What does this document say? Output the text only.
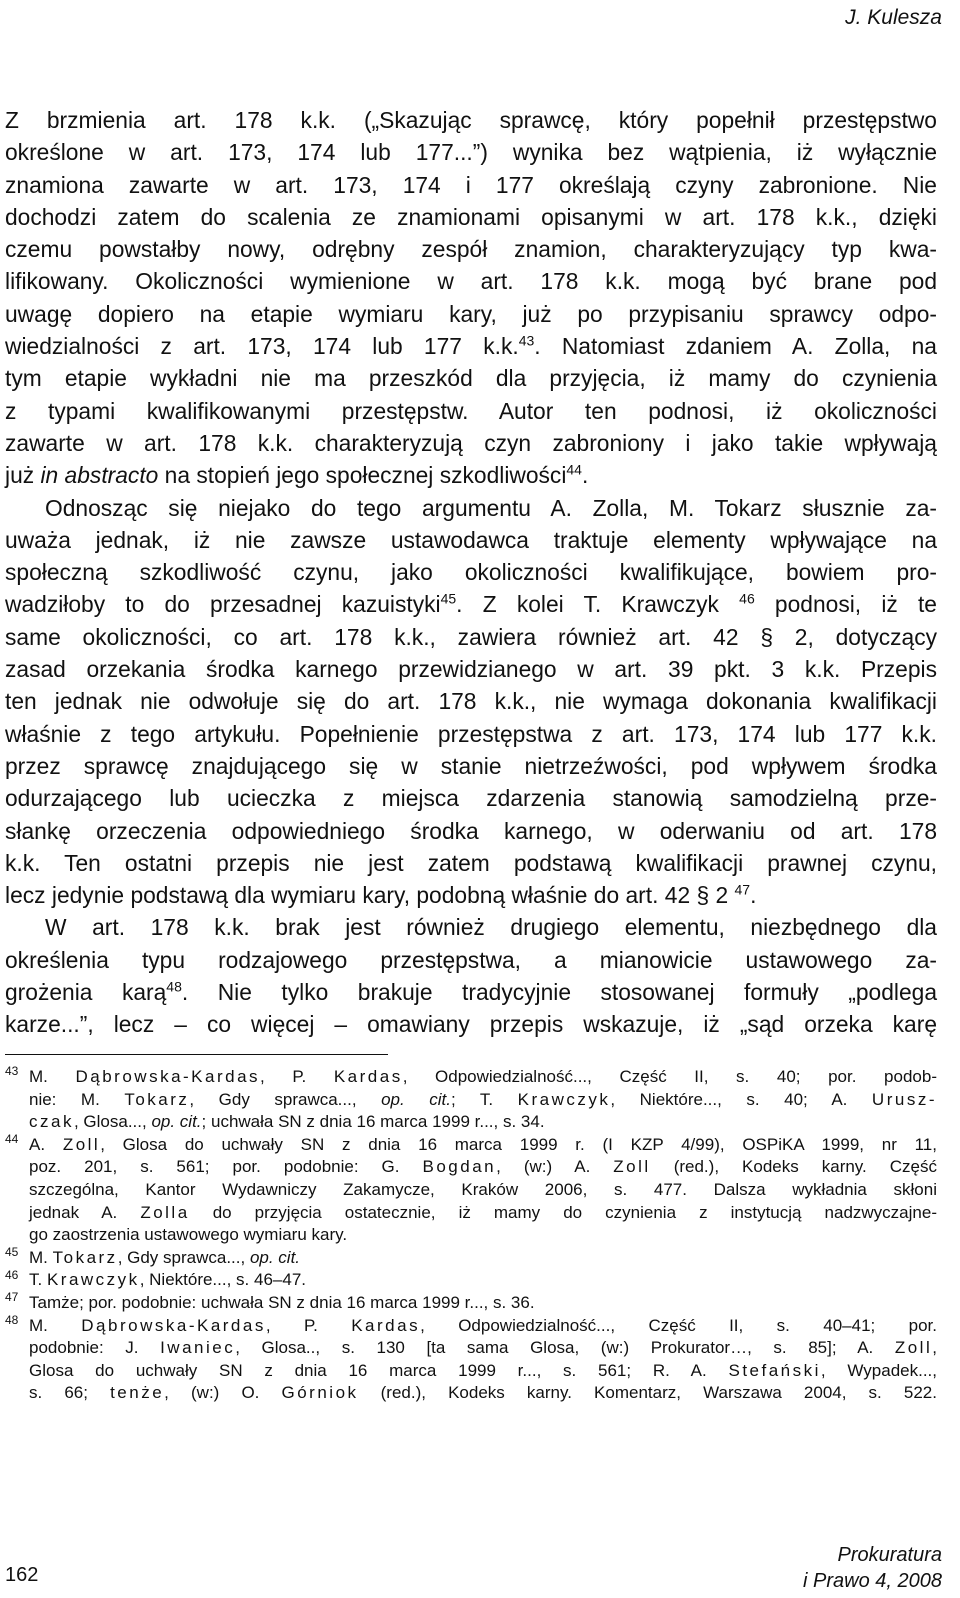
J. Kulesza
Z brzmienia art. 178 k.k. („Skazując sprawcę, który popełnił przestępstwo
określone w art. 173, 174 lub 177...”) wynika bez wątpienia, iż wyłącznie
znamiona zawarte w art. 173, 174 i 177 określają czyny zabronione. Nie
dochodzi zatem do scalenia ze znamionami opisanymi w art. 178 k.k., dzięki
czemu powstałby nowy, odrębny zespół znamion, charakteryzujący typ kwa-
lifikowany. Okoliczności wymienione w art. 178 k.k. mogą być brane pod
uwagę dopiero na etapie wymiaru kary, już po przypisaniu sprawcy odpo-
wiedzialności z art. 173, 174 lub 177 k.k.$^{43}$. Natomiast zdaniem A. Zolla, na
tym etapie wykładni nie ma przeszkód dla przyjęcia, iż mamy do czynienia
z typami kwalifikowanymi przestępstw. Autor ten podnosi, iż okoliczności
zawarte w art. 178 k.k. charakteryzują czyn zabroniony i jako takie wpływają
już in abstracto na stopień jego społecznej szkodliwości$^{44}$.
Odnosząc się niejako do tego argumentu A. Zolla, M. Tokarz słusznie za-
uważa jednak, iż nie zawsze ustawodawca traktuje elementy wpływające na
społeczną szkodliwość czynu, jako okoliczności kwalifikujące, bowiem pro-
wadziłoby to do przesadnej kazuistyki$^{45}$. Z kolei T. Krawczyk $^{46}$ podnosi, iż te
same okoliczności, co art. 178 k.k., zawiera również art. 42 § 2, dotyczący
zasad orzekania środka karnego przewidzianego w art. 39 pkt. 3 k.k. Przepis
ten jednak nie odwołuje się do art. 178 k.k., nie wymaga dokonania kwalifikacji
właśnie z tego artykułu. Popełnienie przestępstwa z art. 173, 174 lub 177 k.k.
przez sprawcę znajdującego się w stanie nietrzeźwości, pod wpływem środka
odurzającego lub ucieczka z miejsca zdarzenia stanowią samodzielną prze-
słankę orzeczenia odpowiedniego środka karnego, w oderwaniu od art. 178
k.k. Ten ostatni przepis nie jest zatem podstawą kwalifikacji prawnej czynu,
lecz jedynie podstawą dla wymiaru kary, podobną właśnie do art. 42 § 2 $^{47}$.
W art. 178 k.k. brak jest również drugiego elementu, niezbędnego dla
określenia typu rodzajowego przestępstwa, a mianowicie ustawowego za-
grożenia karą$^{48}$. Nie tylko brakuje tradycyjnie stosowanej formuły „podlega
karze...”, lecz – co więcej – omawiany przepis wskazuje, iż „sąd orzeka karę
43 M. Dąbrowska-Kardas, P. Kardas, Odpowiedzialność..., Część II, s. 40; por. podob-
nie: M. Tokarz, Gdy sprawca..., op. cit.; T. Krawczyk, Niektóre..., s. 40; A. Urusz-
czak, Glosa..., op. cit.; uchwała SN z dnia 16 marca 1999 r..., s. 34.
44 A. Zoll, Glosa do uchwały SN z dnia 16 marca 1999 r. (I KZP 4/99), OSPiKA 1999, nr 11,
poz. 201, s. 561; por. podobnie: G. Bogdan, (w:) A. Zoll (red.), Kodeks karny. Część
szczególna, Kantor Wydawniczy Zakamycze, Kraków 2006, s. 477. Dalsza wykładnia skłoni
jednak A. Zolla do przyjęcia ostatecznie, iż mamy do czynienia z instytucją nadzwyczajne-
go zaostrzenia ustawowego wymiaru kary.
45 M. Tokarz, Gdy sprawca..., op. cit.
46 T. Krawczyk, Niektóre..., s. 46–47.
47 Tamże; por. podobnie: uchwała SN z dnia 16 marca 1999 r..., s. 36.
48 M. Dąbrowska-Kardas, P. Kardas, Odpowiedzialność..., Część II, s. 40–41; por.
podobnie: J. Iwaniec, Glosa.., s. 130 [ta sama Glosa, (w:) Prokurator…, s. 85]; A. Zoll,
Glosa do uchwały SN z dnia 16 marca 1999 r..., s. 561; R. A. Stefański, Wypadek...,
s. 66; tenże, (w:) O. Górniok (red.), Kodeks karny. Komentarz, Warszawa 2004, s. 522.
162
Prokuratura
i Prawo 4, 2008
